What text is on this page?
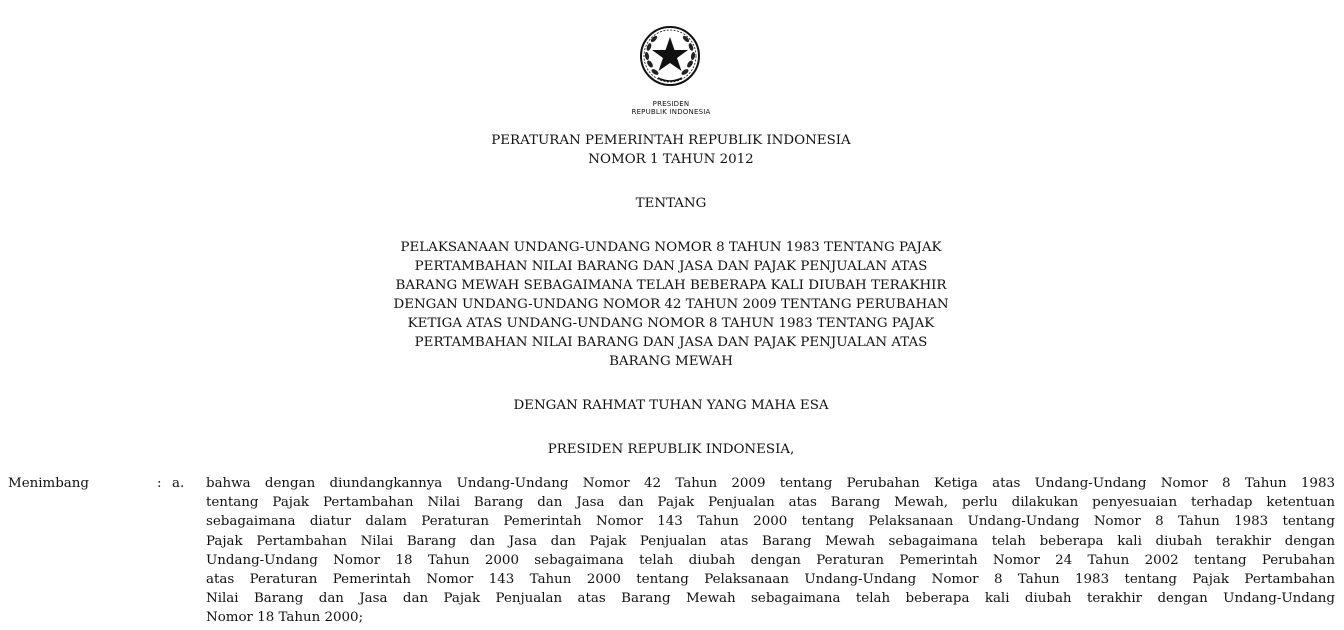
PRESIDEN
REPUBLIK INDONESIA
PERATURAN PEMERINTAH REPUBLIK INDONESIA
NOMOR 1 TAHUN 2012
TENTANG
PELAKSANAAN UNDANG-UNDANG NOMOR 8 TAHUN 1983 TENTANG PAJAK
PERTAMBAHAN NILAI BARANG DAN JASA DAN PAJAK PENJUALAN ATAS
BARANG MEWAH SEBAGAIMANA TELAH BEBERAPA KALI DIUBAH TERAKHIR
DENGAN UNDANG-UNDANG NOMOR 42 TAHUN 2009 TENTANG PERUBAHAN
KETIGA ATAS UNDANG-UNDANG NOMOR 8 TAHUN 1983 TENTANG PAJAK
PERTAMBAHAN NILAI BARANG DAN JASA DAN PAJAK PENJUALAN ATAS
BARANG MEWAH
DENGAN RAHMAT TUHAN YANG MAHA ESA
PRESIDEN REPUBLIK INDONESIA,
Menimbang	: a. bahwa dengan diundangkannya Undang-Undang Nomor 42 Tahun 2009 tentang Perubahan Ketiga atas Undang-Undang Nomor 8 Tahun 1983
tentang Pajak Pertambahan Nilai Barang dan Jasa dan Pajak Penjualan atas Barang Mewah, perlu dilakukan penyesuaian terhadap ketentuan
sebagaimana diatur dalam Peraturan Pemerintah Nomor 143 Tahun 2000 tentang Pelaksanaan Undang-Undang Nomor 8 Tahun 1983 tentang
Pajak Pertambahan Nilai Barang dan Jasa dan Pajak Penjualan atas Barang Mewah sebagaimana telah beberapa kali diubah terakhir dengan
Undang-Undang Nomor 18 Tahun 2000 sebagaimana telah diubah dengan Peraturan Pemerintah Nomor 24 Tahun 2002 tentang Perubahan
atas Peraturan Pemerintah Nomor 143 Tahun 2000 tentang Pelaksanaan Undang-Undang Nomor 8 Tahun 1983 tentang Pajak Pertambahan
Nilai Barang dan Jasa dan Pajak Penjualan atas Barang Mewah sebagaimana telah beberapa kali diubah terakhir dengan Undang-Undang
Nomor 18 Tahun 2000;
